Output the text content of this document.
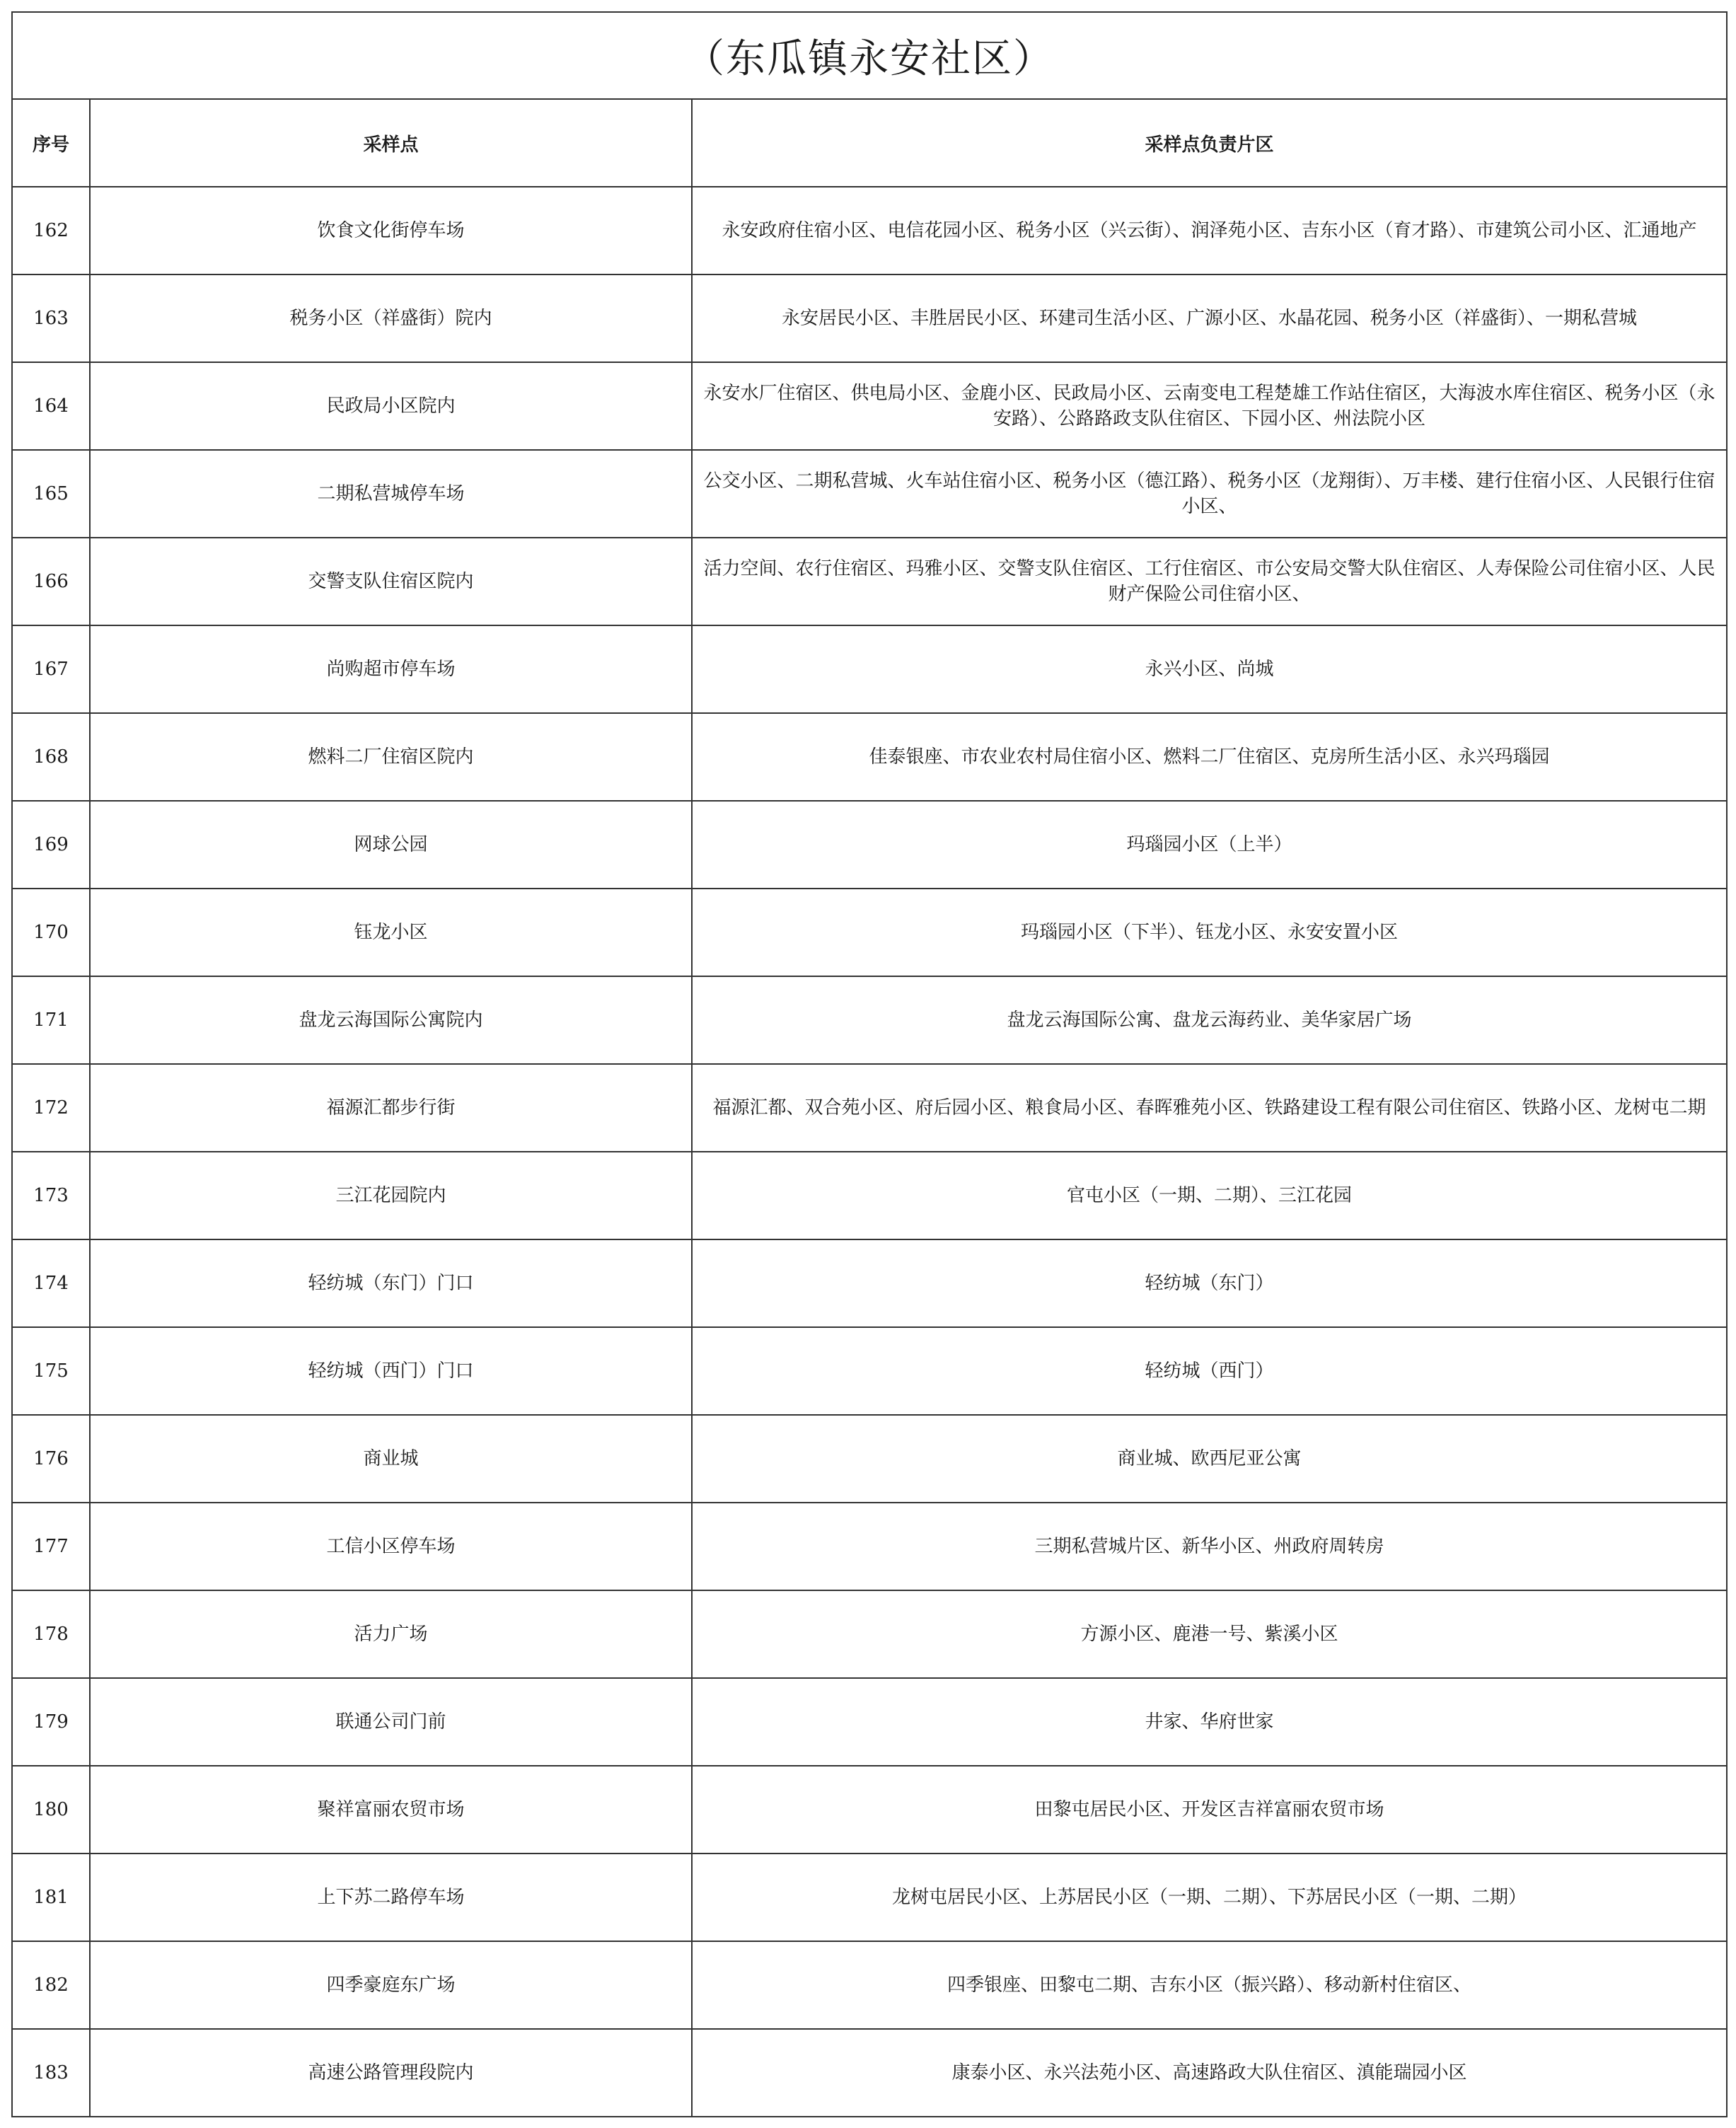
（东瓜镇永安社区）		
序号	采样点	采样点负责片区
162	饮食文化街停车场	永安政府住宿小区、电信花园小区、税务小区（兴云街）、润泽苑小区、吉东小区（育才路）、市建筑公司小区、汇通地产
163	税务小区（祥盛街）院内	永安居民小区、丰胜居民小区、环建司生活小区、广源小区、水晶花园、税务小区（祥盛街）、一期私营城
164	民政局小区院内	永安水厂住宿区、供电局小区、金鹿小区、民政局小区、云南变电工程楚雄工作站住宿区，大海波水库住宿区、税务小区（永安路）、公路路政支队住宿区、下园小区、州法院小区
165	二期私营城停车场	公交小区、二期私营城、火车站住宿小区、税务小区（德江路）、税务小区（龙翔街）、万丰楼、建行住宿小区、人民银行住宿小区、
166	交警支队住宿区院内	活力空间、农行住宿区、玛雅小区、交警支队住宿区、工行住宿区、市公安局交警大队住宿区、人寿保险公司住宿小区、人民财产保险公司住宿小区、
167	尚购超市停车场	永兴小区、尚城
168	燃料二厂住宿区院内	佳泰银座、市农业农村局住宿小区、燃料二厂住宿区、克房所生活小区、永兴玛瑙园
169	网球公园	玛瑙园小区（上半）
170	钰龙小区	玛瑙园小区（下半）、钰龙小区、永安安置小区
171	盘龙云海国际公寓院内	盘龙云海国际公寓、盘龙云海药业、美华家居广场
172	福源汇都步行街	福源汇都、双合苑小区、府后园小区、粮食局小区、春晖雅苑小区、铁路建设工程有限公司住宿区、铁路小区、龙树屯二期
173	三江花园院内	官屯小区（一期、二期）、三江花园
174	轻纺城（东门）门口	轻纺城（东门）
175	轻纺城（西门）门口	轻纺城（西门）
176	商业城	商业城、欧西尼亚公寓
177	工信小区停车场	三期私营城片区、新华小区、州政府周转房
178	活力广场	方源小区、鹿港一号、紫溪小区
179	联通公司门前	井家、华府世家
180	聚祥富丽农贸市场	田黎屯居民小区、开发区吉祥富丽农贸市场
181	上下苏二路停车场	龙树屯居民小区、上苏居民小区（一期、二期）、下苏居民小区（一期、二期）
182	四季豪庭东广场	四季银座、田黎屯二期、吉东小区（振兴路）、移动新村住宿区、
183	高速公路管理段院内	康泰小区、永兴法苑小区、高速路政大队住宿区、滇能瑞园小区
